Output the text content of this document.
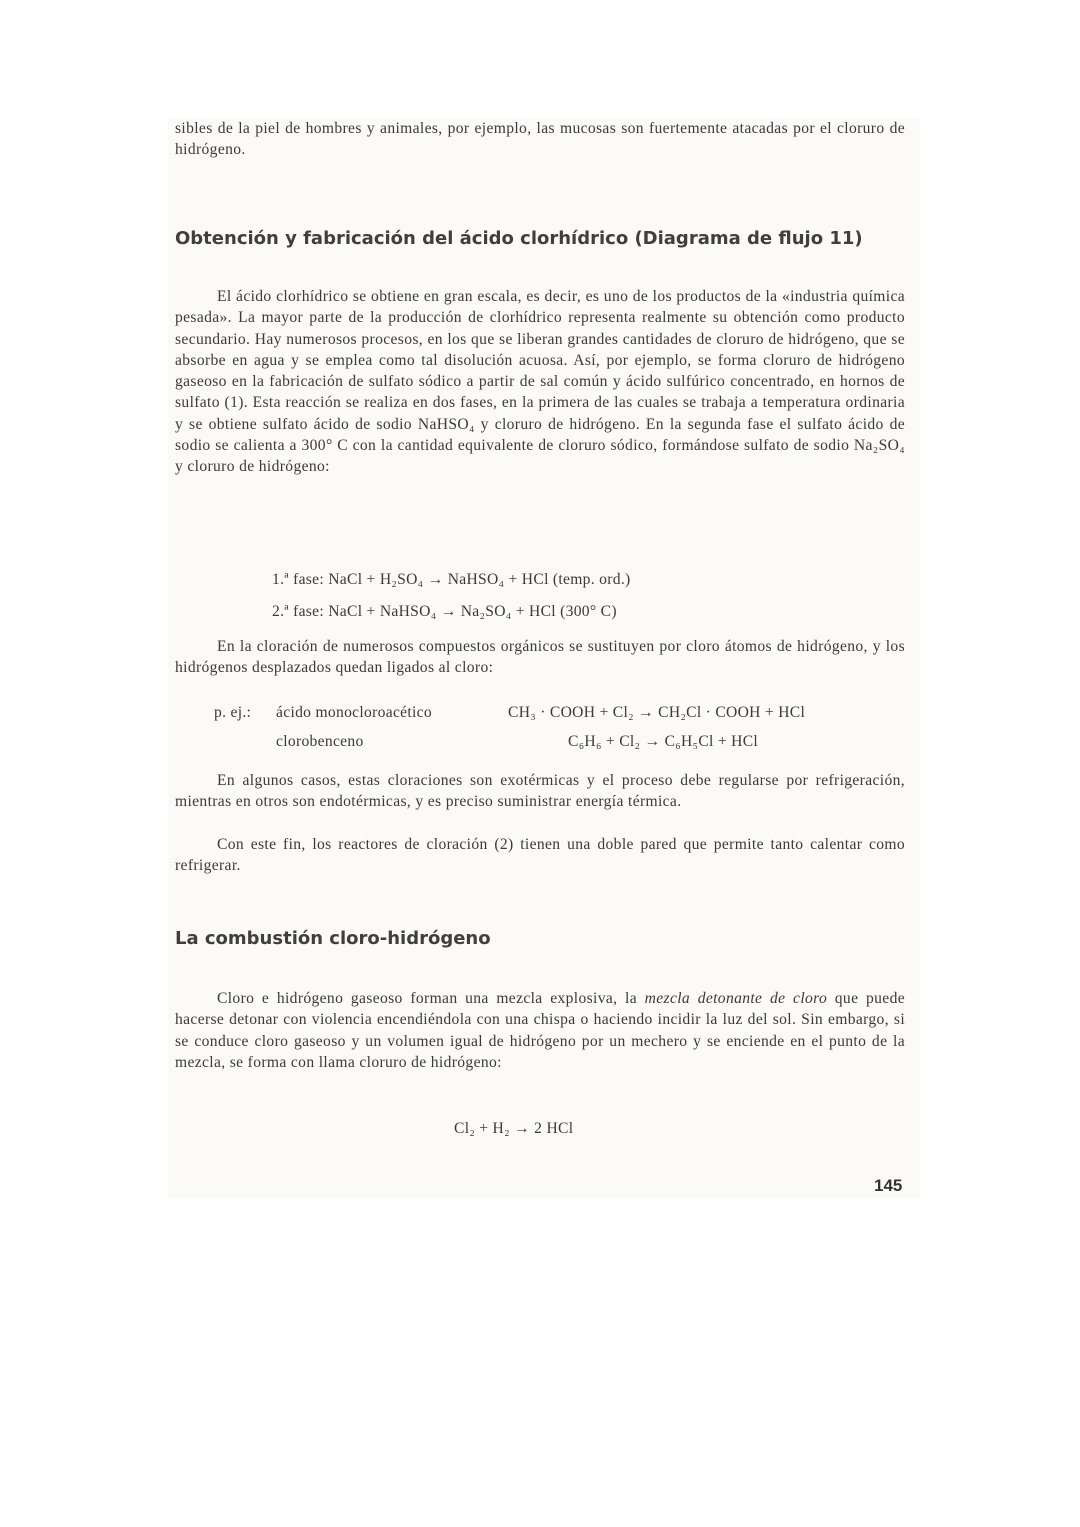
sibles de la piel de hombres y animales, por ejemplo, las mucosas son fuertemente atacadas por el cloruro de hidrógeno.

Obtención y fabricación del ácido clorhídrico (Diagrama de flujo 11)

El ácido clorhídrico se obtiene en gran escala, es decir, es uno de los productos de la «industria química pesada». La mayor parte de la producción de clorhídrico representa realmente su obtención como producto secundario. Hay numerosos procesos, en los que se liberan grandes cantidades de cloruro de hidrógeno, que se absorbe en agua y se emplea como tal disolución acuosa. Así, por ejemplo, se forma cloruro de hidrógeno gaseoso en la fabricación de sulfato sódico a partir de sal común y ácido sulfúrico concentrado, en hornos de sulfato (1). Esta reacción se realiza en dos fases, en la primera de las cuales se trabaja a temperatura ordinaria y se obtiene sulfato ácido de sodio NaHSO₄ y cloruro de hidrógeno. En la segunda fase el sulfato ácido de sodio se calienta a 300° C con la cantidad equivalente de cloruro sódico, formándose sulfato de sodio Na₂SO₄ y cloruro de hidrógeno:

1.ª fase: NaCl + H₂SO₄ → NaHSO₄ + HCl (temp. ord.)
2.ª fase: NaCl + NaHSO₄ → Na₂SO₄ + HCl (300° C)

En la cloración de numerosos compuestos orgánicos se sustituyen por cloro átomos de hidrógeno, y los hidrógenos desplazados quedan ligados al cloro:

p. ej.: ácido monocloroacético	CH₃ · COOH + Cl₂ → CH₂Cl · COOH + HCl
clorobenceno	C₆H₆ + Cl₂ → C₆H₅Cl + HCl

En algunos casos, estas cloraciones son exotérmicas y el proceso debe regularse por refrigeración, mientras en otros son endotérmicas, y es preciso suministrar energía térmica.

Con este fin, los reactores de cloración (2) tienen una doble pared que permite tanto calentar como refrigerar.

La combustión cloro-hidrógeno

Cloro e hidrógeno gaseoso forman una mezcla explosiva, la mezcla detonante de cloro que puede hacerse detonar con violencia encendiéndola con una chispa o haciendo incidir la luz del sol. Sin embargo, si se conduce cloro gaseoso y un volumen igual de hidrógeno por un mechero y se enciende en el punto de la mezcla, se forma con llama cloruro de hidrógeno:

Cl₂ + H₂ → 2 HCl
145
